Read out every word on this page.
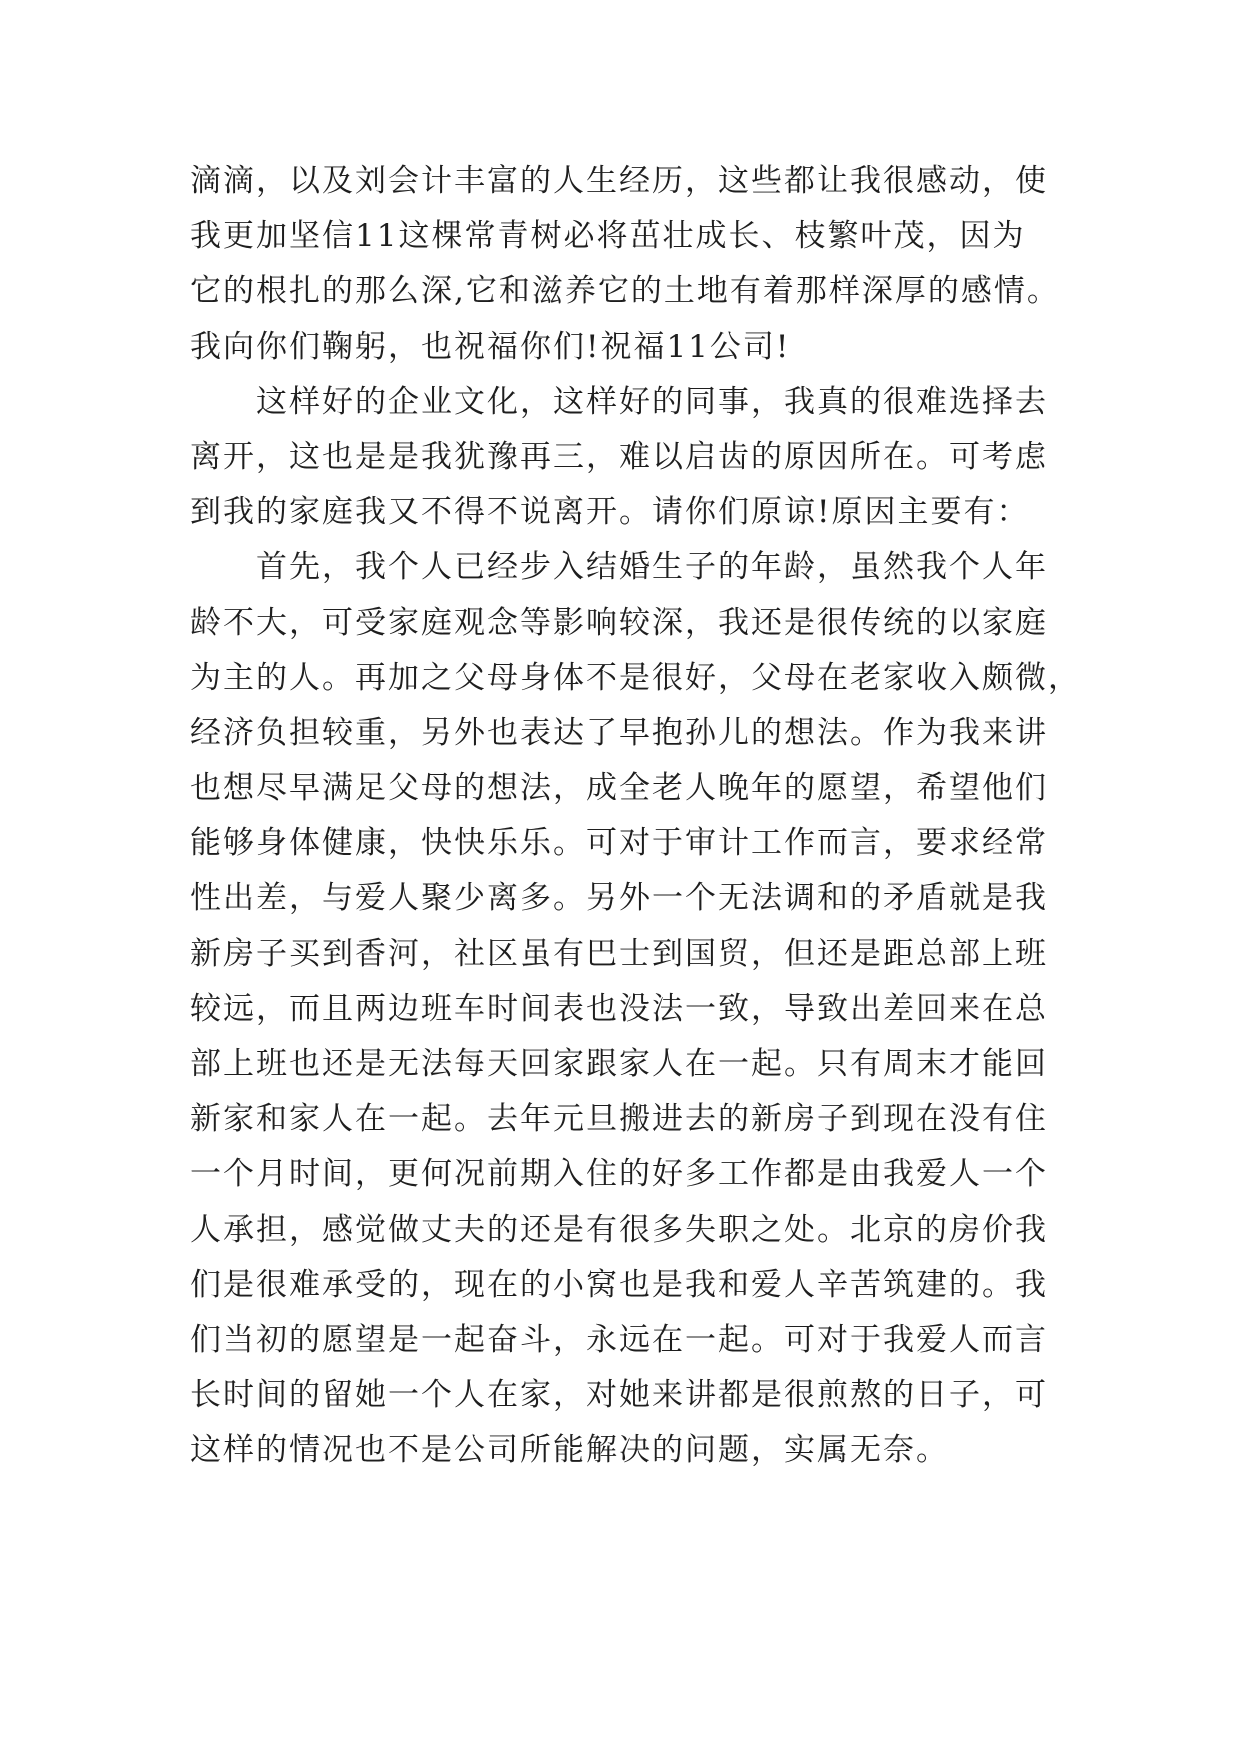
滴滴，以及刘会计丰富的人生经历，这些都让我很感动，使
我更加坚信11这棵常青树必将茁壮成长、枝繁叶茂，因为
它的根扎的那么深,它和滋养它的土地有着那样深厚的感情。
我向你们鞠躬，也祝福你们!祝福11公司!
这样好的企业文化，这样好的同事，我真的很难选择去
离开，这也是是我犹豫再三，难以启齿的原因所在。可考虑
到我的家庭我又不得不说离开。请你们原谅!原因主要有：
首先，我个人已经步入结婚生子的年龄，虽然我个人年
龄不大，可受家庭观念等影响较深，我还是很传统的以家庭
为主的人。再加之父母身体不是很好，父母在老家收入颇微，
经济负担较重，另外也表达了早抱孙儿的想法。作为我来讲
也想尽早满足父母的想法，成全老人晚年的愿望，希望他们
能够身体健康，快快乐乐。可对于审计工作而言，要求经常
性出差，与爱人聚少离多。另外一个无法调和的矛盾就是我
新房子买到香河，社区虽有巴士到国贸，但还是距总部上班
较远，而且两边班车时间表也没法一致，导致出差回来在总
部上班也还是无法每天回家跟家人在一起。只有周末才能回
新家和家人在一起。去年元旦搬进去的新房子到现在没有住
一个月时间，更何况前期入住的好多工作都是由我爱人一个
人承担，感觉做丈夫的还是有很多失职之处。北京的房价我
们是很难承受的，现在的小窝也是我和爱人辛苦筑建的。我
们当初的愿望是一起奋斗，永远在一起。可对于我爱人而言
长时间的留她一个人在家，对她来讲都是很煎熬的日子，可
这样的情况也不是公司所能解决的问题，实属无奈。
